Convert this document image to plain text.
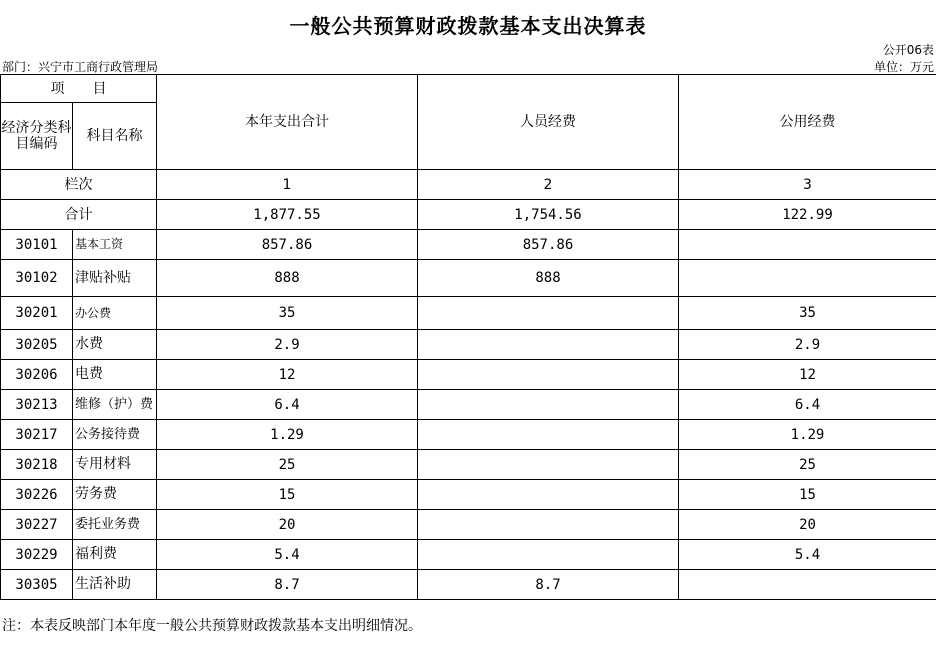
一般公共预算财政拨款基本支出决算表
公开06表
部门：兴宁市工商行政管理局	单位：万元
项　　目		本年支出合计	人员经费	公用经费
经济分类科目编码	科目名称			
栏次		1	2	3
合计		1,877.55	1,754.56	122.99
30101	基本工资	857.86	857.86	
30102	津贴补贴	888	888	
30201	办公费	35		35
30205	水费	2.9		2.9
30206	电费	12		12
30213	维修（护）费	6.4		6.4
30217	公务接待费	1.29		1.29
30218	专用材料	25		25
30226	劳务费	15		15
30227	委托业务费	20		20
30229	福利费	5.4		5.4
30305	生活补助	8.7	8.7	
注：本表反映部门本年度一般公共预算财政拨款基本支出明细情况。
